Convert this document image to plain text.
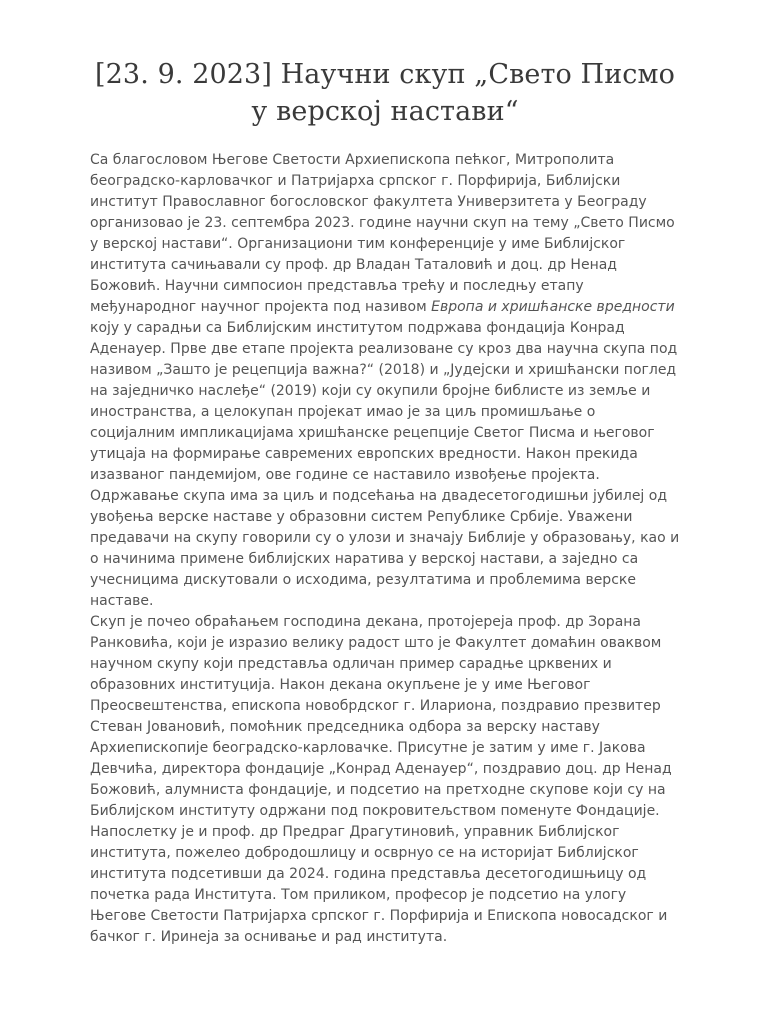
[23. 9. 2023] Научни скуп „Свето Писмо у верској настави“

Са благословом Његове Светости Архиепископа пећког, Митрополита београдско-карловачког и Патријарха српског г. Порфирија, Библијски институт Православног богословског факултета Универзитета у Београду организовао је 23. септембра 2023. године научни скуп на тему „Свето Писмо у верској настави“. Организациони тим конференције у име Библијског института сачињавали су проф. др Владан Таталовић и доц. др Ненад Божовић. Научни симпосион представља трећу и последњу етапу међународног научног пројекта под називом Европа и хришћанске вредности коју у сарадњи са Библијским институтом подржава фондација Конрад Аденауер. Прве две етапе пројекта реализоване су кроз два научна скупа под називом „Зашто је рецепција важна?“ (2018) и „Јудејски и хришћански поглед на заједничко наслеђе“ (2019) који су окупили бројне библисте из земље и иностранства, а целокупан пројекат имао је за циљ промишљање о социјалним импликацијама хришћанске рецепције Светог Писма и његовог утицаја на формирање савремених европских вредности. Након прекида изазваног пандемијом, ове године се наставило извођење пројекта. Одржавање скупа има за циљ и подсећања на двадесетогодишњи јубилеј од увођења верске наставе у образовни систем Републике Србије. Уважени предавачи на скупу говорили су о улози и значају Библије у образовању, као и о начинима примене библијских наратива у верској настави, а заједно са учесницима дискутовали о исходима, резултатима и проблемима верске наставе.

Скуп је почео обраћањем господина декана, протојереја проф. др Зорана Ранковића, који је изразио велику радост што је Факултет домаћин оваквом научном скупу који представља одличан пример сарадње црквених и образовних институција. Након декана окупљене је у име Његовог Преосвештенства, епископа новобрдског г. Илариона, поздравио презвитер Стеван Јовановић, помоћник председника одбора за верску наставу Архиепископије београдско-карловачке. Присутне је затим у име г. Јакова Девчића, директора фондације „Конрад Аденауер“, поздравио доц. др Ненад Божовић, алумниста фондације, и подсетио на претходне скупове који су на Библијском институту одржани под покровитељством поменуте Фондације. Напослетку је и проф. др Предраг Драгутиновић, управник Библијског института, пожелео добродошлицу и осврнуо се на историјат Библијског института подсетивши да 2024. година представља десетогодишњицу од почетка рада Института. Том приликом, професор је подсетио на улогу Његове Светости Патријарха српског г. Порфирија и Епископа новосадског и бачког г. Иринеја за оснивање и рад института.
